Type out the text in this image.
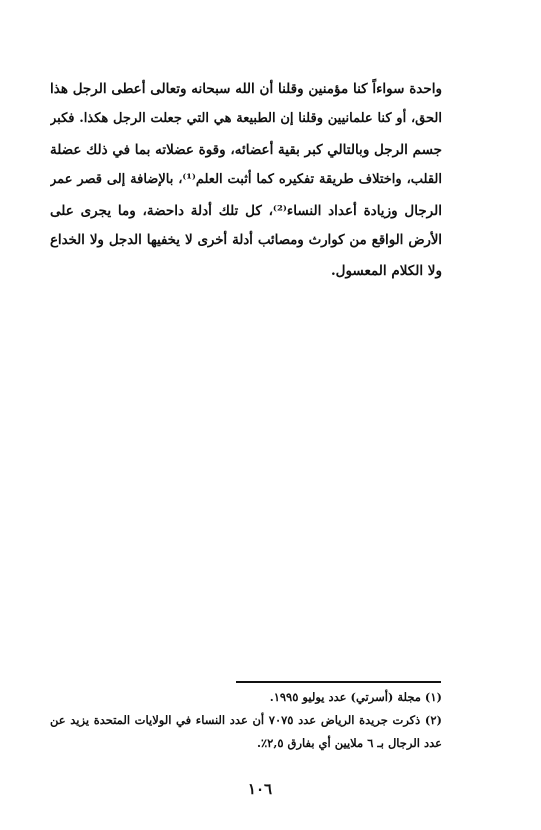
واحدة سواءاً كنا مؤمنين وقلنا أن الله سبحانه وتعالى أعطى الرجل هذا
الحق، أو كنا علمانيين وقلنا إن الطبيعة هي التي جعلت الرجل هكذا. فكبر
جسم الرجل وبالتالي كبر بقية أعضائه، وقوة عضلاته بما في ذلك عضلة
القلب، واختلاف طريقة تفكيره كما أثبت العلم⁽¹⁾، بالإضافة إلى قصر عمر
الرجال وزيادة أعداد النساء⁽²⁾، كل تلك أدلة داحضة، وما يجرى على
الأرض الواقع من كوارث ومصائب أدلة أخرى لا يخفيها الدجل ولا الخداع
ولا الكلام المعسول.
(١) مجلة (أسرتي) عدد يوليو ١٩٩٥.
(٢) ذكرت جريدة الرياض عدد ٧٠٧٥ أن عدد النساء في الولايات المتحدة يزيد عن
عدد الرجال بـ ٦ ملايين أي بفارق ٢,٥٪.
١٠٦
